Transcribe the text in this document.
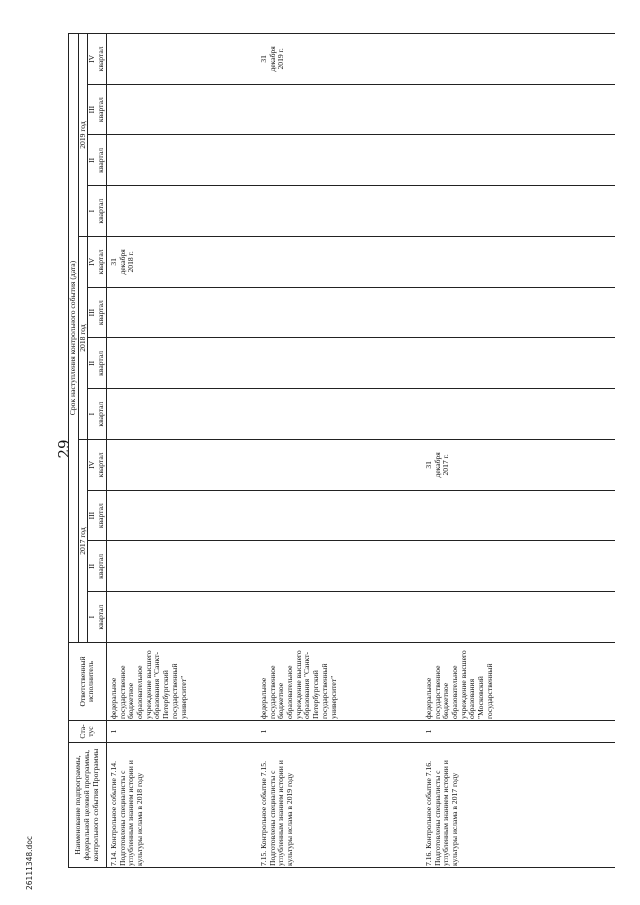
29
26111348.doc
Наименование подпрограммы, федеральной целевой программы, контрольного события Программы	Ста-тус	Ответственный исполнитель	Срок наступления контрольного события (дата)											
			2017 год				2018 год				2019 год			
			I
квартал	II
квартал	III
квартал	IV
квартал	I
квартал	II
квартал	III
квартал	IV
квартал	I
квартал	II
квартал	III
квартал	IV
квартал
7.14. Контрольное событие 7.14. Подготовлены специалисты с углубленным знанием истории и культуры ислама в 2018 году	1	федеральное государственное бюджетное образовательное учреждение высшего образования "Санкт-Петербургский государственный университет"								31 декабря 2018 г.				

7.15. Контрольное событие 7.15. Подготовлены специалисты с углубленным знанием истории и культуры ислама в 2019 году	1	федеральное государственное бюджетное образовательное учреждение высшего образования "Санкт-Петербургский государственный университет"												31 декабря 2019 г.

7.16. Контрольное событие 7.16. Подготовлены специалисты с углубленным знанием истории и культуры ислама в 2017 году	1	федеральное государственное бюджетное образовательное учреждение высшего образования "Московский государственный				31 декабря 2017 г.								
